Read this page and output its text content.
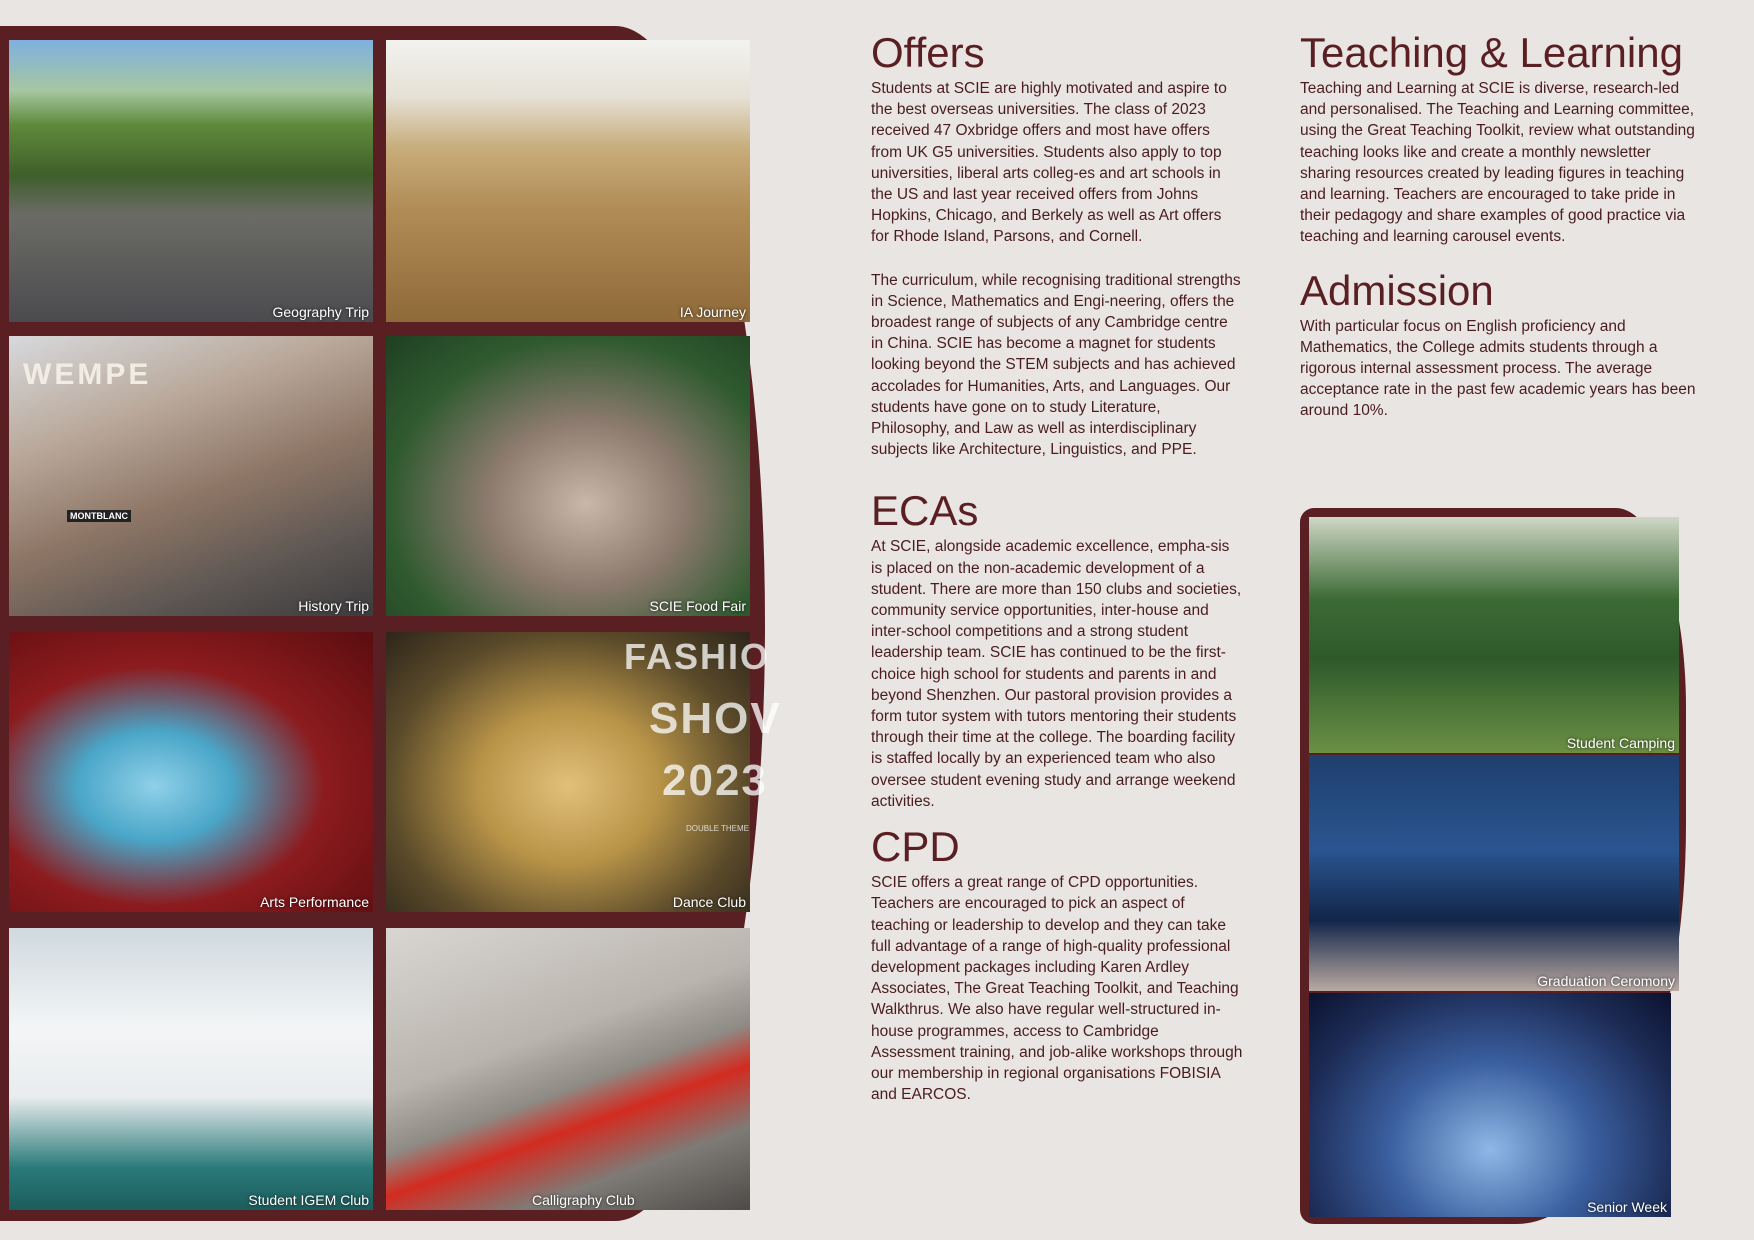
Geography Trip	IA Journey
WEMPE
MONTBLANC
History Trip	SCIE Food Fair
Arts Performance
FASHIO
SHOV
2023
DOUBLE THEME
Dance Club
Student IGEM Club	Calligraphy Club
Offers

Students at SCIE are highly motivated and aspire to the best overseas universities. The class of 2023 received 47 Oxbridge offers and most have offers from UK G5 universities. Students also apply to top universities, liberal arts colleg-es and art schools in the US and last year received offers from Johns Hopkins, Chicago, and Berkely as well as Art offers for Rhode Island, Parsons, and Cornell.

The curriculum, while recognising traditional strengths in Science, Mathematics and Engi-neering, offers the broadest range of subjects of any Cambridge centre in China. SCIE has become a magnet for students looking beyond the STEM subjects and has achieved accolades for Humanities, Arts, and Languages. Our students have gone on to study Literature, Philosophy, and Law as well as interdisciplinary subjects like Architecture, Linguistics, and PPE.

ECAs

At SCIE, alongside academic excellence, empha-sis is placed on the non-academic development of a student. There are more than 150 clubs and societies, community service opportunities, inter-house and inter-school competitions and a strong student leadership team. SCIE has continued to be the first-choice high school for students and parents in and beyond Shenzhen. Our pastoral provision provides a form tutor system with tutors mentoring their students through their time at the college. The boarding facility is staffed locally by an experienced team who also oversee student evening study and arrange weekend activities.

CPD

SCIE offers a great range of CPD opportunities. Teachers are encouraged to pick an aspect of teaching or leadership to develop and they can take full advantage of a range of high-quality professional development packages including Karen Ardley Associates, The Great Teaching Toolkit, and Teaching Walkthrus. We also have regular well-structured in-house programmes, access to Cambridge Assessment training, and job-alike workshops through our membership in regional organisations FOBISIA and EARCOS.

Teaching & Learning

Teaching and Learning at SCIE is diverse, research-led and personalised. The Teaching and Learning committee, using the Great Teaching Toolkit, review what outstanding teaching looks like and create a monthly newsletter sharing resources created by leading figures in teaching and learning. Teachers are encouraged to take pride in their pedagogy and share examples of good practice via teaching and learning carousel events.

Admission

With particular focus on English proficiency and Mathematics, the College admits students through a rigorous internal assessment process. The average acceptance rate in the past few academic years has been around 10%.

Student Camping
Graduation Ceromony
Senior Week
